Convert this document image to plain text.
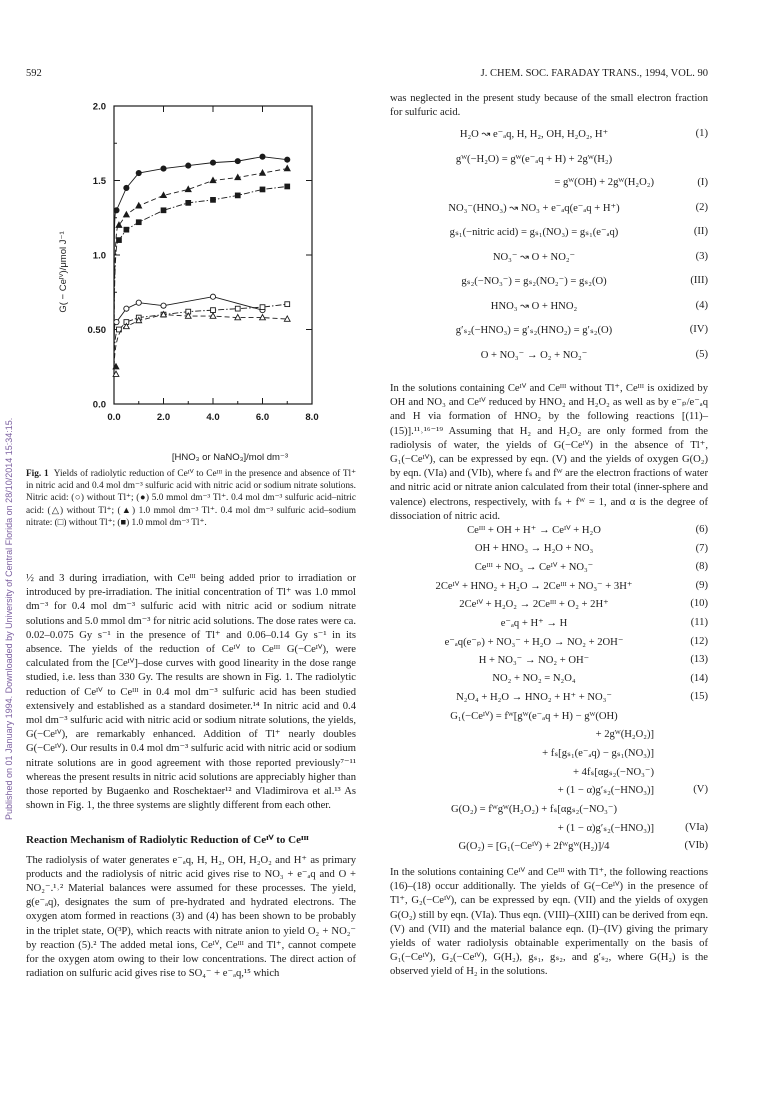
592	J. CHEM. SOC. FARADAY TRANS., 1994, VOL. 90
Published on 01 January 1994. Downloaded by University of Central Florida on 28/10/2014 15:34:15.
0.0	2.0	4.0	6.0	8.0
0.0
0.50
1.0
1.5
2.0
G( − Ceᴵⱽ)/μmol J⁻¹
[HNO₃ or NaNO₃]/mol dm⁻³
Fig. 1 Yields of radiolytic reduction of Ceᴵⱽ to Ceᴵᴵᴵ in the presence and absence of Tl⁺ in nitric acid and 0.4 mol dm⁻³ sulfuric acid with nitric acid or sodium nitrate solutions. Nitric acid: (○) without Tl⁺; (●) 5.0 mmol dm⁻³ Tl⁺. 0.4 mol dm⁻³ sulfuric acid–nitric acid: (△) without Tl⁺; (▲) 1.0 mmol dm⁻³ Tl⁺. 0.4 mol dm⁻³ sulfuric acid–sodium nitrate: (□) without Tl⁺; (■) 1.0 mmol dm⁻³ Tl⁺.

½ and 3 during irradiation, with Ceᴵᴵᴵ being added prior to irradiation or introduced by pre-irradiation. The initial concentration of Tl⁺ was 1.0 mmol dm⁻³ for 0.4 mol dm⁻³ sulfuric acid with nitric acid or sodium nitrate solutions and 5.0 mmol dm⁻³ for nitric acid solutions. The dose rates were ca. 0.02–0.075 Gy s⁻¹ in the presence of Tl⁺ and 0.06–0.14 Gy s⁻¹ in its absence. The yields of the reduction of Ceᴵⱽ to Ceᴵᴵᴵ G(−Ceᴵⱽ), were calculated from the [Ceᴵⱽ]–dose curves with good linearity in the dose range studied, i.e. less than 330 Gy. The results are shown in Fig. 1. The radiolytic reduction of Ceᴵⱽ to Ceᴵᴵᴵ in 0.4 mol dm⁻³ sulfuric acid has been studied extensively and established as a standard dosimeter.¹⁴ In nitric acid and 0.4 mol dm⁻³ sulfuric acid with nitric acid or sodium nitrate solutions, the yields, G(−Ceᴵⱽ), are remarkably enhanced. Addition of Tl⁺ nearly doubles G(−Ceᴵⱽ). Our results in 0.4 mol dm⁻³ sulfuric acid with nitric acid or sodium nitrate solutions are in good agreement with those reported previously⁷⁻¹¹ whereas the present results in nitric acid solutions are appreciably higher than those reported by Bugaenko and Roschektaer¹² and Vladimirova et al.¹³ As shown in Fig. 1, the three systems are slightly different from each other.

Reaction Mechanism of Radiolytic Reduction of Ceᴵⱽ to Ceᴵᴵᴵ

The radiolysis of water generates e⁻ₐq, H, H₂, OH, H₂O₂ and H⁺ as primary products and the radiolysis of nitric acid gives rise to NO₃ + e⁻ₐq and O + NO₂⁻.¹˒² Material balances were assumed for these processes. The yield, g(e⁻ₐq), designates the sum of pre-hydrated and hydrated electrons. The oxygen atom formed in reactions (3) and (4) has been shown to be probably in the triplet state, O(³P), which reacts with nitrate anion to yield O₂ + NO₂⁻ by reaction (5).² The added metal ions, Ceᴵⱽ, Ceᴵᴵᴵ and Tl⁺, cannot compete for the oxygen atom owing to their low concentrations. The direct action of radiation on sulfuric acid gives rise to SO₄⁻ + e⁻ₐq,¹⁵ which

was neglected in the present study because of the small electron fraction for sulfuric acid.

H₂O ↝ e⁻ₐq, H, H₂, OH, H₂O₂, H⁺	(1)
gᵂ(−H₂O) = gᵂ(e⁻ₐq + H) + 2gᵂ(H₂)
= gᵂ(OH) + 2gᵂ(H₂O₂)	(I)
NO₃⁻(HNO₃) ↝ NO₃ + e⁻ₐq(e⁻ₐq + H⁺)	(2)
gₛ₁(−nitric acid) = gₛ₁(NO₃) = gₛ₁(e⁻ₐq)	(II)
NO₃⁻ ↝ O + NO₂⁻	(3)
gₛ₂(−NO₃⁻) = gₛ₂(NO₂⁻) = gₛ₂(O)	(III)
HNO₃ ↝ O + HNO₂	(4)
g′ₛ₂(−HNO₃) = g′ₛ₂(HNO₂) = g′ₛ₂(O)	(IV)
O + NO₃⁻ → O₂ + NO₂⁻	(5)

In the solutions containing Ceᴵⱽ and Ceᴵᴵᴵ without Tl⁺, Ceᴵᴵᴵ is oxidized by OH and NO₃ and Ceᴵⱽ reduced by HNO₂ and H₂O₂ as well as by e⁻ₚ/e⁻ₐq and H via formation of HNO₂ by the following reactions [(11)–(15)].¹¹˒¹⁶⁻¹⁹ Assuming that H₂ and H₂O₂ are only formed from the radiolysis of water, the yields of G(−Ceᴵⱽ) in the absence of Tl⁺, G₁(−Ceᴵⱽ), can be expressed by eqn. (V) and the yields of oxygen G(O₂) by eqn. (VIa) and (VIb), where fₛ and fᵂ are the electron fractions of water and nitric acid or nitrate anion calculated from their total (inner-sphere and valence) electrons, respectively, with fₛ + fᵂ = 1, and α is the degree of dissociation of nitric acid.

Ceᴵᴵᴵ + OH + H⁺ → Ceᴵⱽ + H₂O	(6)
OH + HNO₃ → H₂O + NO₃	(7)
Ceᴵᴵᴵ + NO₃ → Ceᴵⱽ + NO₃⁻	(8)
2Ceᴵⱽ + HNO₂ + H₂O → 2Ceᴵᴵᴵ + NO₃⁻ + 3H⁺	(9)
2Ceᴵⱽ + H₂O₂ → 2Ceᴵᴵᴵ + O₂ + 2H⁺	(10)
e⁻ₐq + H⁺ → H	(11)
e⁻ₐq(e⁻ₚ) + NO₃⁻ + H₂O → NO₂ + 2OH⁻	(12)
H + NO₃⁻ → NO₂ + OH⁻	(13)
NO₂ + NO₂ = N₂O₄	(14)
N₂O₄ + H₂O → HNO₂ + H⁺ + NO₃⁻	(15)
G₁(−Ceᴵⱽ) = fᵂ[gᵂ(e⁻ₐq + H) − gᵂ(OH)
+ 2gᵂ(H₂O₂)]
+ fₛ[gₛ₁(e⁻ₐq) − gₛ₁(NO₃)]
+ 4fₛ[αgₛ₂(−NO₃⁻)
+ (1 − α)g′ₛ₂(−HNO₃)]	(V)
G(O₂) = fᵂgᵂ(H₂O₂) + fₛ[αgₛ₂(−NO₃⁻)
+ (1 − α)g′ₛ₂(−HNO₃)]	(VIa)
G(O₂) = [G₁(−Ceᴵⱽ) + 2fᵂgᵂ(H₂)]/4	(VIb)

In the solutions containing Ceᴵⱽ and Ceᴵᴵᴵ with Tl⁺, the following reactions (16)–(18) occur additionally. The yields of G(−Ceᴵⱽ) in the presence of Tl⁺, G₂(−Ceᴵⱽ), can be expressed by eqn. (VII) and the yields of oxygen G(O₂) still by eqn. (VIa). Thus eqn. (VIII)–(XIII) can be derived from eqn. (V) and (VII) and the material balance eqn. (I)–(IV) giving the primary yields of water radiolysis obtainable experimentally on the basis of G₁(−Ceᴵⱽ), G₂(−Ceᴵⱽ), G(H₂), gₛ₁, gₛ₂, and g′ₛ₂, where G(H₂) is the observed yield of H₂ in the solutions.
